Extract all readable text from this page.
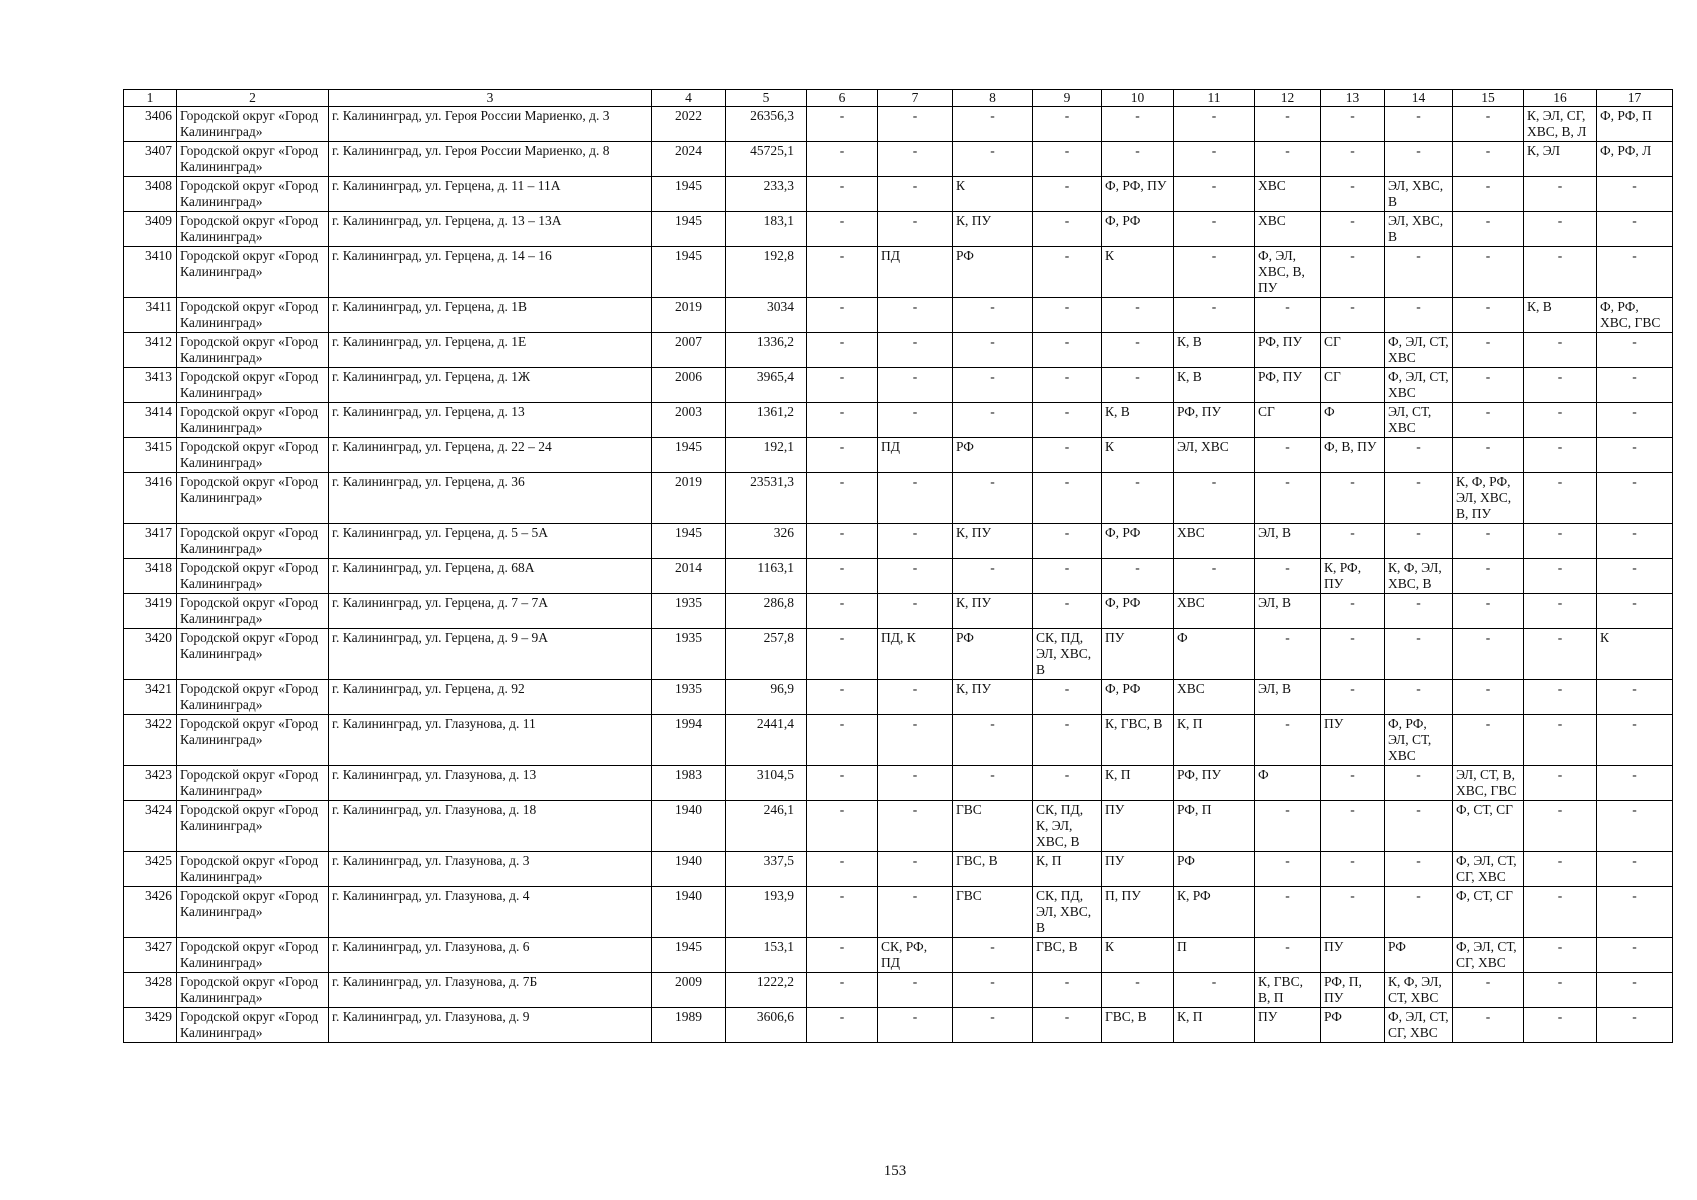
1	2	3	4	5	6	7	8	9	10	11	12	13	14	15	16	17
3406	Городской округ «Город Калининград»	г. Калининград, ул. Героя России Мариенко, д. 3	2022	26356,3	-	-	-	-	-	-	-	-	-	-	К, ЭЛ, СГ, ХВС, В, Л	Ф, РФ, П
3407	Городской округ «Город Калининград»	г. Калининград, ул. Героя России Мариенко, д. 8	2024	45725,1	-	-	-	-	-	-	-	-	-	-	К, ЭЛ	Ф, РФ, Л
3408	Городской округ «Город Калининград»	г. Калининград, ул. Герцена, д. 11 – 11А	1945	233,3	-	-	К	-	Ф, РФ, ПУ	-	ХВС	-	ЭЛ, ХВС, В	-	-	-
3409	Городской округ «Город Калининград»	г. Калининград, ул. Герцена, д. 13 – 13А	1945	183,1	-	-	К, ПУ	-	Ф, РФ	-	ХВС	-	ЭЛ, ХВС, В	-	-	-
3410	Городской округ «Город Калининград»	г. Калининград, ул. Герцена, д. 14 – 16	1945	192,8	-	ПД	РФ	-	К	-	Ф, ЭЛ, ХВС, В, ПУ	-	-	-	-	-
3411	Городской округ «Город Калининград»	г. Калининград, ул. Герцена, д. 1В	2019	3034	-	-	-	-	-	-	-	-	-	-	К, В	Ф, РФ, ХВС, ГВС
3412	Городской округ «Город Калининград»	г. Калининград, ул. Герцена, д. 1Е	2007	1336,2	-	-	-	-	-	К, В	РФ, ПУ	СГ	Ф, ЭЛ, СТ, ХВС	-	-	-
3413	Городской округ «Город Калининград»	г. Калининград, ул. Герцена, д. 1Ж	2006	3965,4	-	-	-	-	-	К, В	РФ, ПУ	СГ	Ф, ЭЛ, СТ, ХВС	-	-	-
3414	Городской округ «Город Калининград»	г. Калининград, ул. Герцена, д. 13	2003	1361,2	-	-	-	-	К, В	РФ, ПУ	СГ	Ф	ЭЛ, СТ, ХВС	-	-	-
3415	Городской округ «Город Калининград»	г. Калининград, ул. Герцена, д. 22 – 24	1945	192,1	-	ПД	РФ	-	К	ЭЛ, ХВС	-	Ф, В, ПУ	-	-	-	-
3416	Городской округ «Город Калининград»	г. Калининград, ул. Герцена, д. 36	2019	23531,3	-	-	-	-	-	-	-	-	-	К, Ф, РФ, ЭЛ, ХВС, В, ПУ	-	-
3417	Городской округ «Город Калининград»	г. Калининград, ул. Герцена, д. 5 – 5А	1945	326	-	-	К, ПУ	-	Ф, РФ	ХВС	ЭЛ, В	-	-	-	-	-
3418	Городской округ «Город Калининград»	г. Калининград, ул. Герцена, д. 68А	2014	1163,1	-	-	-	-	-	-	-	К, РФ, ПУ	К, Ф, ЭЛ, ХВС, В	-	-	-
3419	Городской округ «Город Калининград»	г. Калининград, ул. Герцена, д. 7 – 7А	1935	286,8	-	-	К, ПУ	-	Ф, РФ	ХВС	ЭЛ, В	-	-	-	-	-
3420	Городской округ «Город Калининград»	г. Калининград, ул. Герцена, д. 9 – 9А	1935	257,8	-	ПД, К	РФ	СК, ПД, ЭЛ, ХВС, В	ПУ	Ф	-	-	-	-	-	К
3421	Городской округ «Город Калининград»	г. Калининград, ул. Герцена, д. 92	1935	96,9	-	-	К, ПУ	-	Ф, РФ	ХВС	ЭЛ, В	-	-	-	-	-
3422	Городской округ «Город Калининград»	г. Калининград, ул. Глазунова, д. 11	1994	2441,4	-	-	-	-	К, ГВС, В	К, П	-	ПУ	Ф, РФ, ЭЛ, СТ, ХВС	-	-	-
3423	Городской округ «Город Калининград»	г. Калининград, ул. Глазунова, д. 13	1983	3104,5	-	-	-	-	К, П	РФ, ПУ	Ф	-	-	ЭЛ, СТ, В, ХВС, ГВС	-	-
3424	Городской округ «Город Калининград»	г. Калининград, ул. Глазунова, д. 18	1940	246,1	-	-	ГВС	СК, ПД, К, ЭЛ, ХВС, В	ПУ	РФ, П	-	-	-	Ф, СТ, СГ	-	-
3425	Городской округ «Город Калининград»	г. Калининград, ул. Глазунова, д. 3	1940	337,5	-	-	ГВС, В	К, П	ПУ	РФ	-	-	-	Ф, ЭЛ, СТ, СГ, ХВС	-	-
3426	Городской округ «Город Калининград»	г. Калининград, ул. Глазунова, д. 4	1940	193,9	-	-	ГВС	СК, ПД, ЭЛ, ХВС, В	П, ПУ	К, РФ	-	-	-	Ф, СТ, СГ	-	-
3427	Городской округ «Город Калининград»	г. Калининград, ул. Глазунова, д. 6	1945	153,1	-	СК, РФ, ПД	-	ГВС, В	К	П	-	ПУ	РФ	Ф, ЭЛ, СТ, СГ, ХВС	-	-
3428	Городской округ «Город Калининград»	г. Калининград, ул. Глазунова, д. 7Б	2009	1222,2	-	-	-	-	-	-	К, ГВС, В, П	РФ, П, ПУ	К, Ф, ЭЛ, СТ, ХВС	-	-	-
3429	Городской округ «Город Калининград»	г. Калининград, ул. Глазунова, д. 9	1989	3606,6	-	-	-	-	ГВС, В	К, П	ПУ	РФ	Ф, ЭЛ, СТ, СГ, ХВС	-	-	-
153
